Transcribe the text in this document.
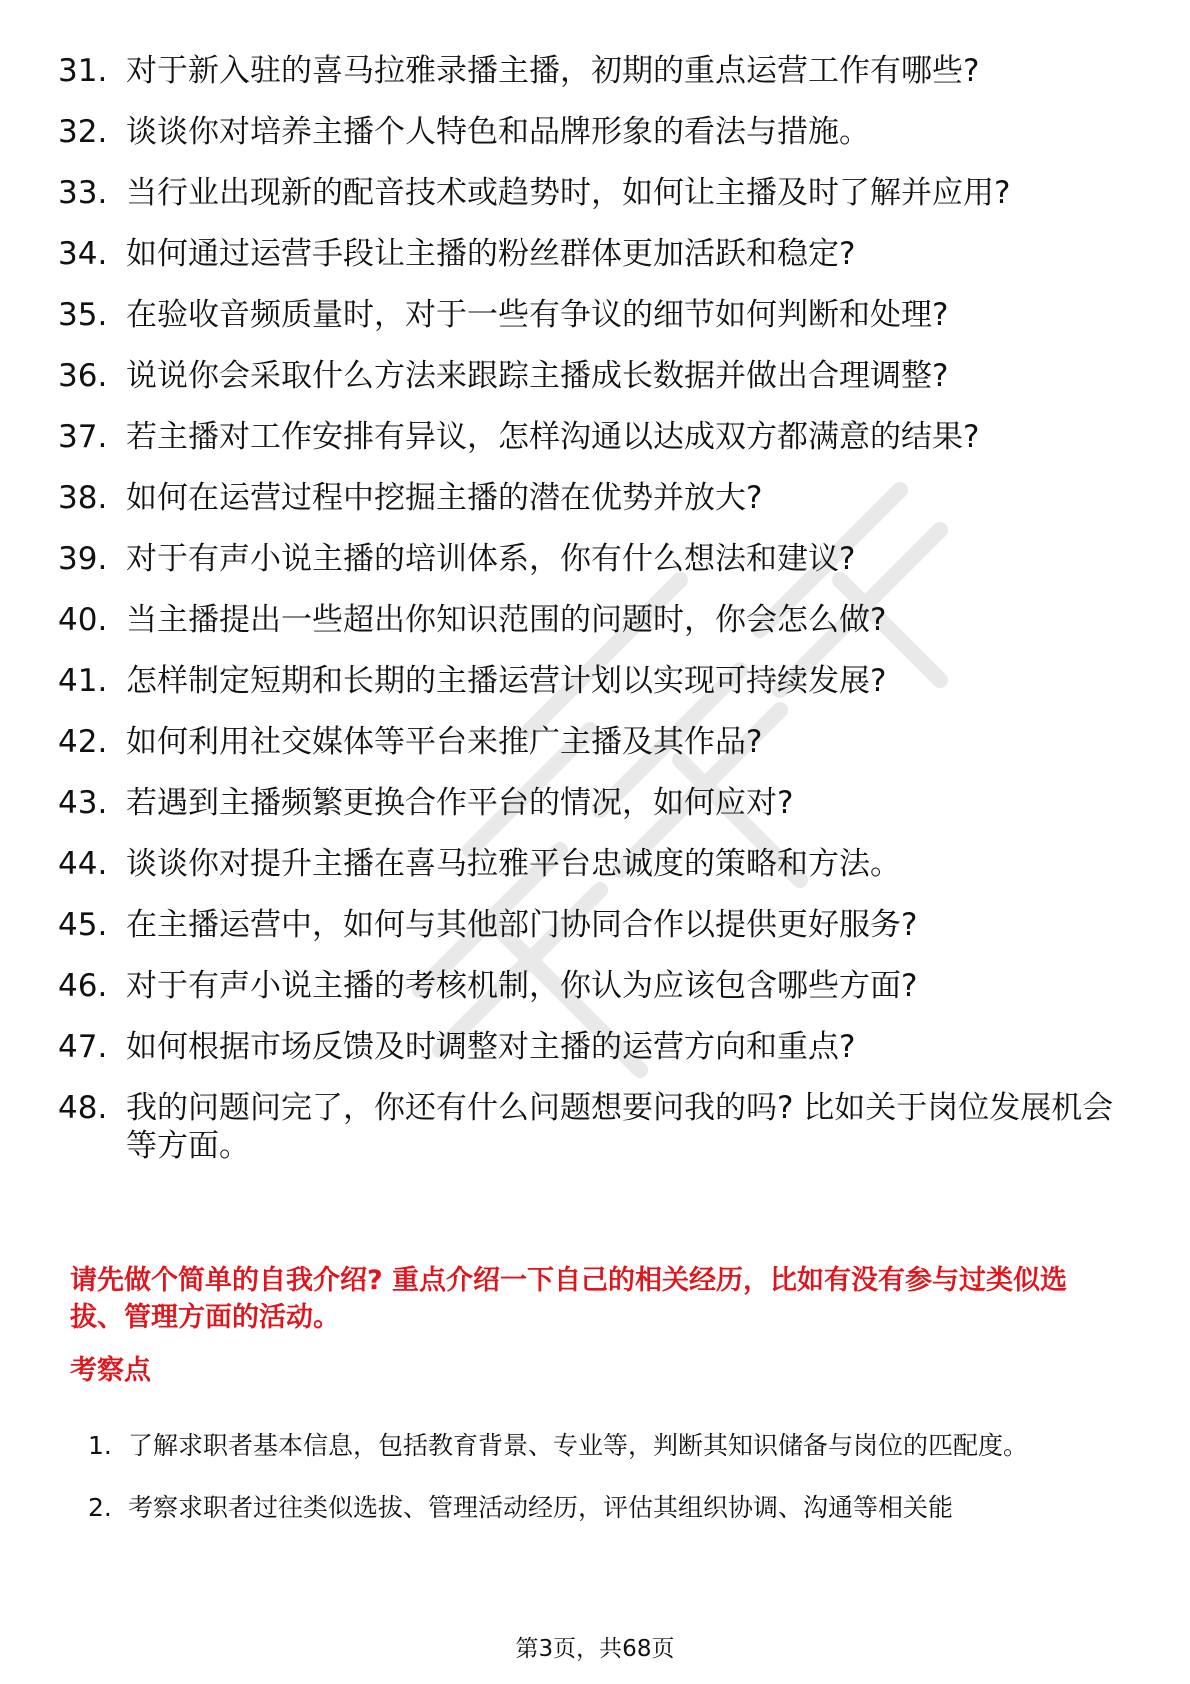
31. 对于新入驻的喜马拉雅录播主播，初期的重点运营工作有哪些?
32. 谈谈你对培养主播个人特色和品牌形象的看法与措施。
33. 当行业出现新的配音技术或趋势时，如何让主播及时了解并应用?
34. 如何通过运营手段让主播的粉丝群体更加活跃和稳定?
35. 在验收音频质量时，对于一些有争议的细节如何判断和处理?
36. 说说你会采取什么方法来跟踪主播成长数据并做出合理调整?
37. 若主播对工作安排有异议，怎样沟通以达成双方都满意的结果?
38. 如何在运营过程中挖掘主播的潜在优势并放大?
39. 对于有声小说主播的培训体系，你有什么想法和建议?
40. 当主播提出一些超出你知识范围的问题时，你会怎么做?
41. 怎样制定短期和长期的主播运营计划以实现可持续发展?
42. 如何利用社交媒体等平台来推广主播及其作品?
43. 若遇到主播频繁更换合作平台的情况，如何应对?
44. 谈谈你对提升主播在喜马拉雅平台忠诚度的策略和方法。
45. 在主播运营中，如何与其他部门协同合作以提供更好服务?
46. 对于有声小说主播的考核机制，你认为应该包含哪些方面?
47. 如何根据市场反馈及时调整对主播的运营方向和重点?
48. 我的问题问完了，你还有什么问题想要问我的吗? 比如关于岗位发展机会等方面。
请先做个简单的自我介绍? 重点介绍一下自己的相关经历，比如有没有参与过类似选拔、管理方面的活动。
考察点
1. 了解求职者基本信息，包括教育背景、专业等，判断其知识储备与岗位的匹配度。
2. 考察求职者过往类似选拔、管理活动经历，评估其组织协调、沟通等相关能
第3页，共68页
